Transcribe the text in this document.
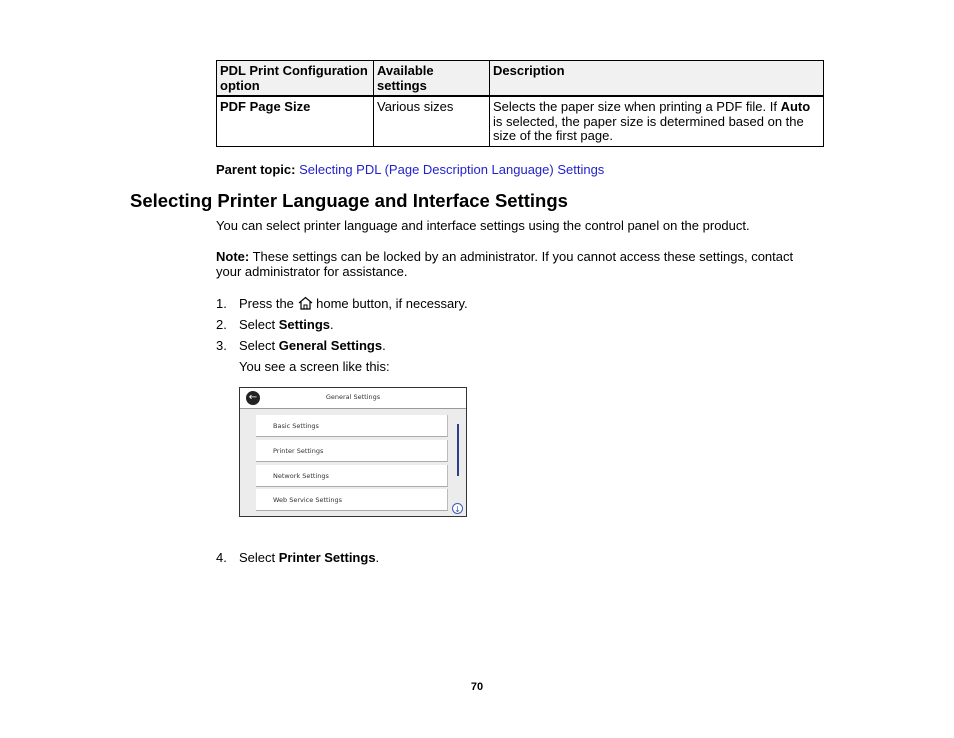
PDL Print Configuration option	Available settings	Description
PDF Page Size	Various sizes	Selects the paper size when printing a PDF file. If Auto is selected, the paper size is determined based on the size of the first page.
Parent topic: Selecting PDL (Page Description Language) Settings
Selecting Printer Language and Interface Settings
You can select printer language and interface settings using the control panel on the product.
Note: These settings can be locked by an administrator. If you cannot access these settings, contact your administrator for assistance.
1. Press the  home button, if necessary.
2. Select Settings.
3. Select General Settings.
You see a screen like this:
←	General Settings
Basic Settings
Printer Settings
Network Settings
Web Service Settings
↓
4. Select Printer Settings.
70
